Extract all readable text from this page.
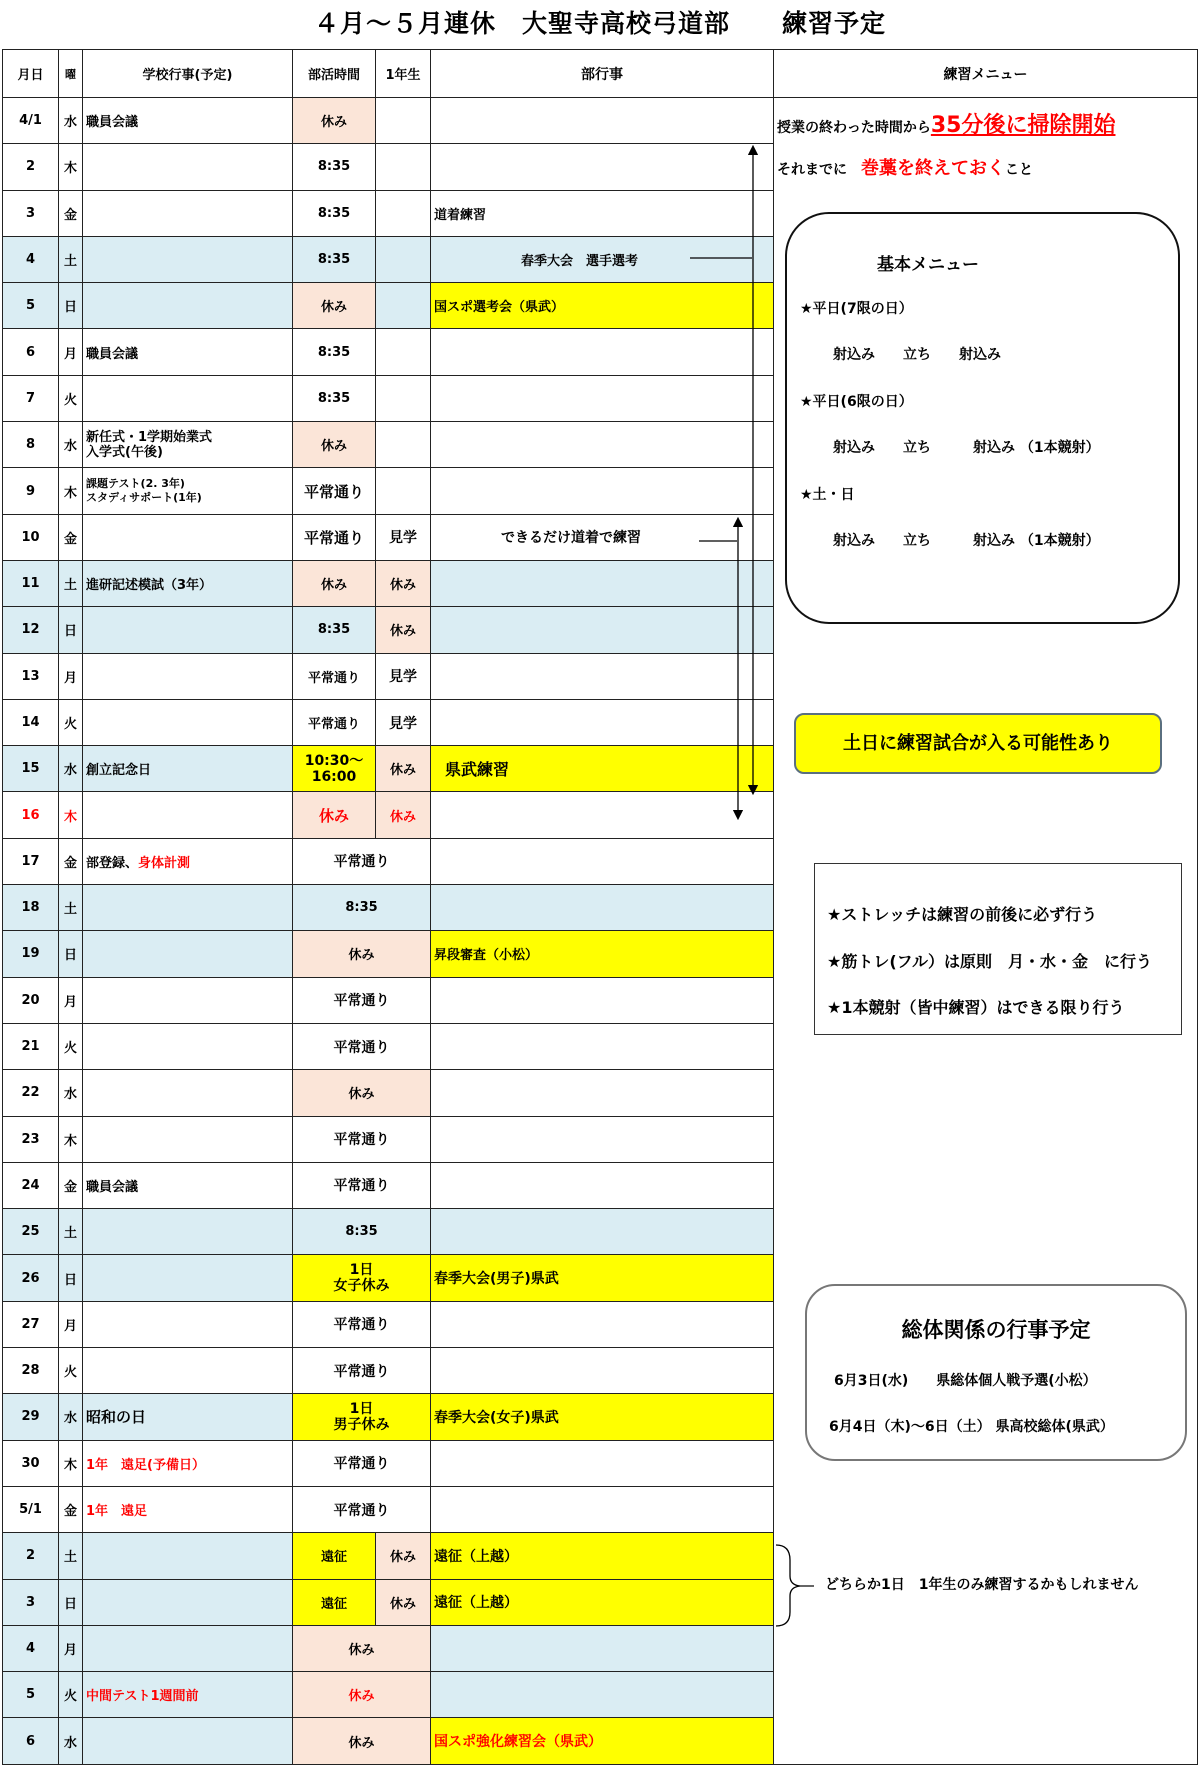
４月～５月連休　大聖寺高校弓道部　　練習予定
月日	曜	学校行事(予定)	部活時間	1年生	部行事	練習メニュー
4/1	水	職員会議	休み			
2	木		8:35			
3	金		8:35		道着練習	
4	土		8:35		春季大会　選手選考	
5	日		休み		国スポ選考会（県武）	
6	月	職員会議	8:35			
7	火		8:35			
8	水	新任式・1学期始業式
入学式(午後)	休み			
9	木	課題テスト(2. 3年)
スタディサポート(1年)	平常通り			
10	金		平常通り	見学	できるだけ道着で練習	
11	土	進研記述模試（3年）	休み	休み		
12	日		8:35	休み		
13	月		平常通り	見学		
14	火		平常通り	見学		
15	水	創立記念日	10:30～
16:00	休み	県武練習	
16	木		休み	休み		
17	金	部登録、身体計測	平常通り			
18	土		8:35			
19	日		休み		昇段審査（小松）	
20	月		平常通り			
21	火		平常通り			
22	水		休み			
23	木		平常通り			
24	金	職員会議	平常通り			
25	土		8:35			
26	日		1日
女子休み		春季大会(男子)県武	
27	月		平常通り			
28	火		平常通り			
29	水	昭和の日	1日
男子休み		春季大会(女子)県武	
30	木	1年　遠足(予備日）	平常通り			
5/1	金	1年　遠足	平常通り			
2	土		遠征	休み	遠征（上越）	
3	日		遠征	休み	遠征（上越）	
4	月		休み			
5	火	中間テスト1週間前	休み			
6	水		休み		国スポ強化練習会（県武）	
授業の終わった時間から35分後に掃除開始
それまでに　巻藁を終えておくこと
基本メニュー
★平日(7限の日）
射込み　　立ち　　射込み
★平日(6限の日）
射込み　　立ち　　　射込み （1本競射）
★土・日
射込み　　立ち　　　射込み （1本競射）
土日に練習試合が入る可能性あり
★ストレッチは練習の前後に必ず行う
★筋トレ(フル）は原則　月・水・金　に行う
★1本競射（皆中練習）はできる限り行う
総体関係の行事予定
6月3日(水)　　県総体個人戦予選(小松）
6月4日（木)～6日（土） 県高校総体(県武）
どちらか1日　1年生のみ練習するかもしれません
